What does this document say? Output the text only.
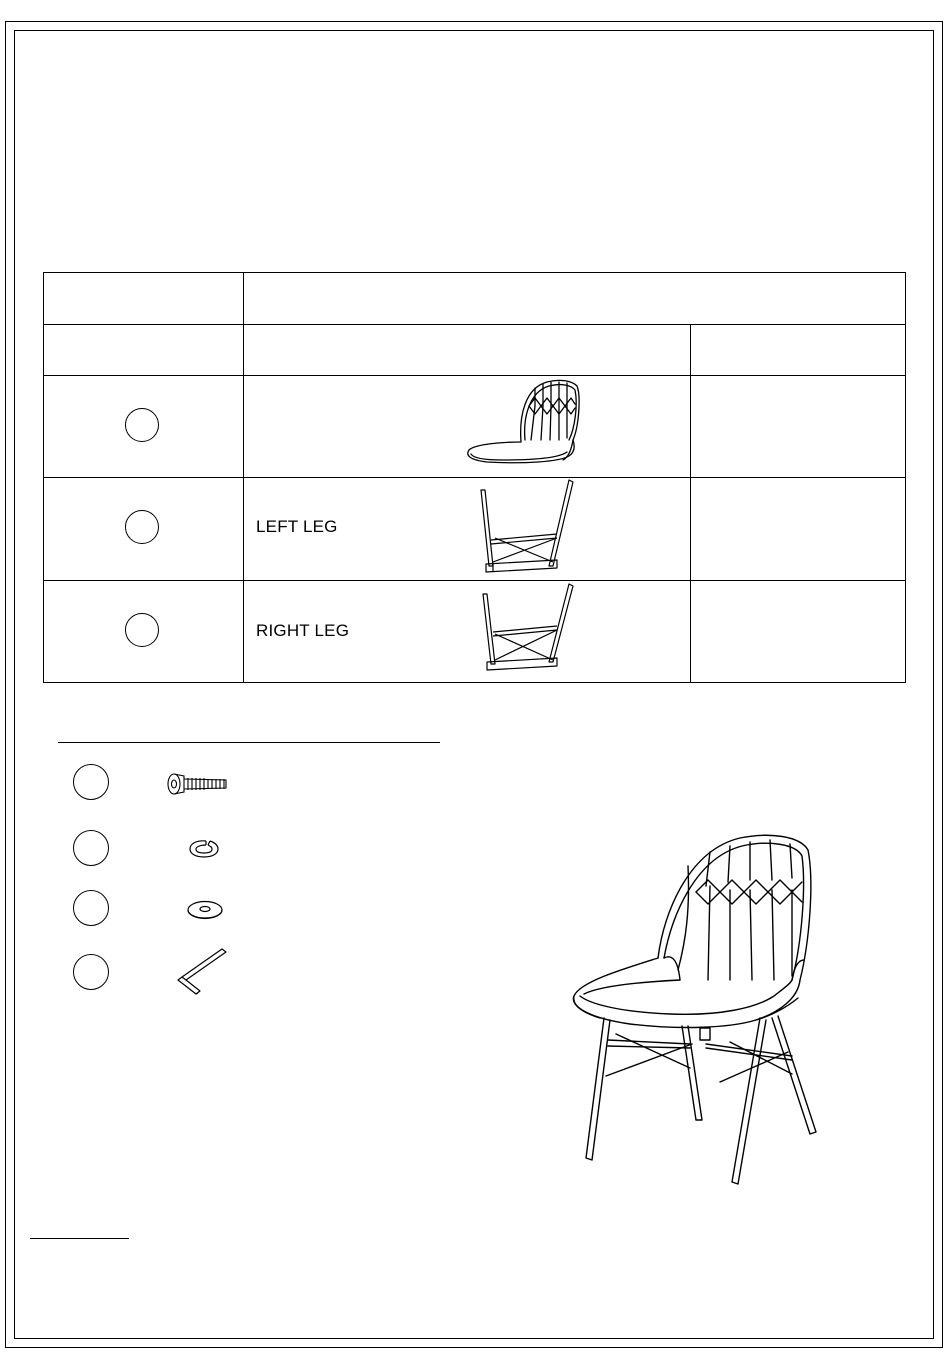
LEFT LEG
RIGHT LEG
